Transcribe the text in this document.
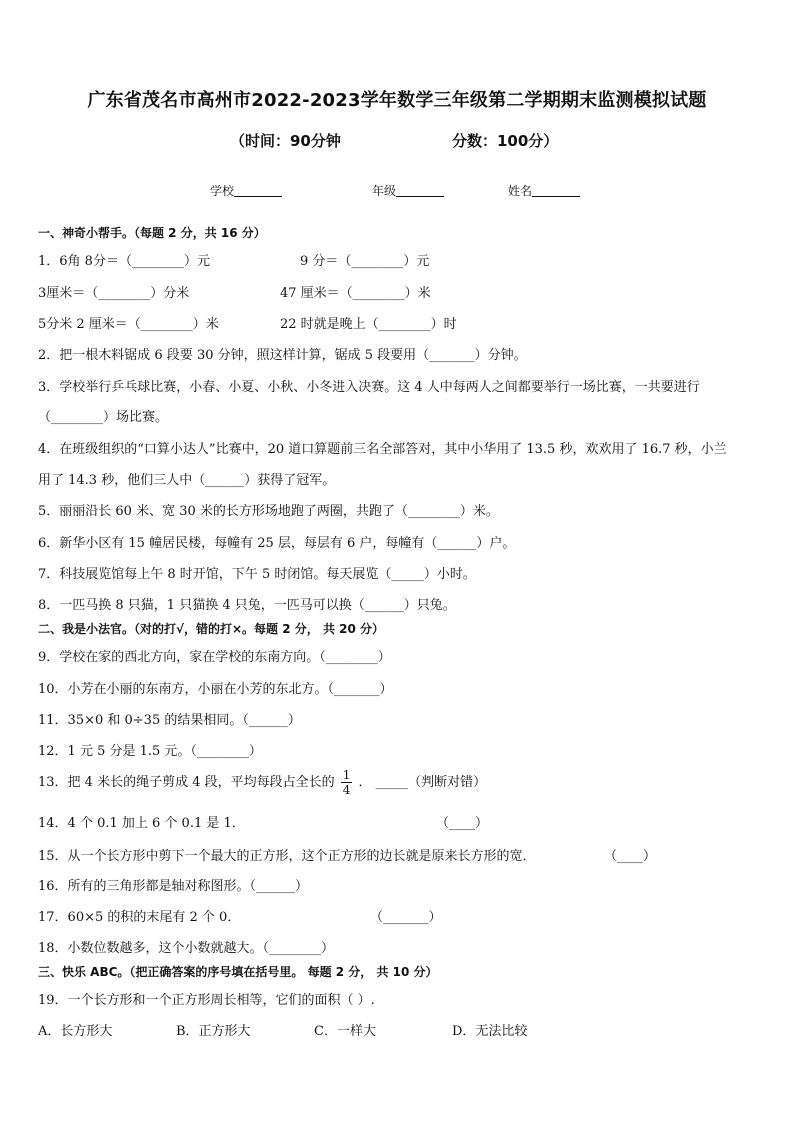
广东省茂名市高州市2022-2023学年数学三年级第二学期期末监测模拟试题
（时间：90分钟	分数：100分）
学校	年级	姓名
一、神奇小帮手。（每题 2 分，共 16 分）
1．6角 8分＝（________）元	9 分＝（________）元
3厘米＝（________）分米	47 厘米＝（________）米
5分米 2 厘米＝（________）米	22 时就是晚上（________）时
2．把一根木料锯成 6 段要 30 分钟，照这样计算，锯成 5 段要用（_______）分钟。
3．学校举行乒乓球比赛，小春、小夏、小秋、小冬进入决赛。这 4 人中每两人之间都要举行一场比赛，一共要进行
（________）场比赛。
4．在班级组织的“口算小达人”比赛中，20 道口算题前三名全部答对，其中小华用了 13.5 秒，欢欢用了 16.7 秒，小兰
用了 14.3 秒，他们三人中（______）获得了冠军。
5．丽丽沿长 60 米、宽 30 米的长方形场地跑了两圈，共跑了（________）米。
6．新华小区有 15 幢居民楼，每幢有 25 层，每层有 6 户，每幢有（______）户。
7．科技展览馆每上午 8 时开馆，下午 5 时闭馆。每天展览（_____）小时。
8．一匹马换 8 只猫，1 只猫换 4 只兔，一匹马可以换（______）只兔。
二、我是小法官。（对的打√，错的打×。每题 2 分， 共 20 分）
9．学校在家的西北方向，家在学校的东南方向。（________）
10．小芳在小丽的东南方，小丽在小芳的东北方。（_______）
11．35×0 和 0÷35 的结果相同。（______）
12．1 元 5 分是 1.5 元。（________）
13．把 4 米长的绳子剪成 4 段，平均每段占全长的 $\frac{1}{4}$ ． _____（判断对错）
14．4 个 0.1 加上 6 个 0.1 是 1．	（____）
15．从一个长方形中剪下一个最大的正方形，这个正方形的边长就是原来长方形的宽．	（____）
16．所有的三角形都是轴对称图形。（______）
17．60×5 的积的末尾有 2 个 0．	（_______）
18．小数位数越多，这个小数就越大。（________）
三、快乐 ABC。（把正确答案的序号填在括号里。 每题 2 分， 共 10 分）
19．一个长方形和一个正方形周长相等，它们的面积（ ）.
A．长方形大	B．正方形大	C．一样大	D．无法比较
